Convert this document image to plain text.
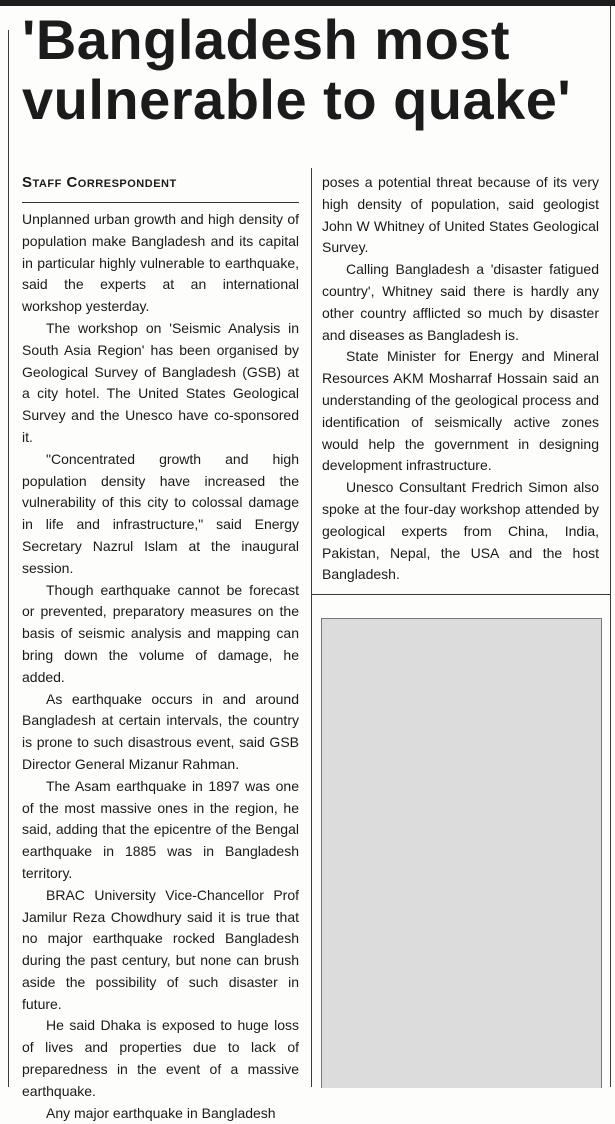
'Bangladesh most
vulnerable to quake'
Staff Correspondent

Unplanned urban growth and high density of population make Bangladesh and its capital in particular highly vulnerable to earthquake, said the experts at an international workshop yesterday.

The workshop on 'Seismic Analysis in South Asia Region' has been organised by Geological Survey of Bangladesh (GSB) at a city hotel. The United States Geological Survey and the Unesco have co-sponsored it.

"Concentrated growth and high population density have increased the vulnerability of this city to colossal damage in life and infrastructure," said Energy Secretary Nazrul Islam at the inaugural session.

Though earthquake cannot be forecast or prevented, preparatory measures on the basis of seismic analysis and mapping can bring down the volume of damage, he added.

As earthquake occurs in and around Bangladesh at certain intervals, the country is prone to such disastrous event, said GSB Director General Mizanur Rahman.

The Asam earthquake in 1897 was one of the most massive ones in the region, he said, adding that the epicentre of the Bengal earthquake in 1885 was in Bangladesh territory.

BRAC University Vice-Chancellor Prof Jamilur Reza Chowdhury said it is true that no major earthquake rocked Bangladesh during the past century, but none can brush aside the possibility of such disaster in future.

He said Dhaka is exposed to huge loss of lives and properties due to lack of preparedness in the event of a massive earthquake.

Any major earthquake in Bangladesh

poses a potential threat because of its very high density of population, said geologist John W Whitney of United States Geological Survey.

Calling Bangladesh a 'disaster fatigued country', Whitney said there is hardly any other country afflicted so much by disaster and diseases as Bangladesh is.

State Minister for Energy and Mineral Resources AKM Mosharraf Hossain said an understanding of the geological process and identification of seismically active zones would help the government in designing development infrastructure.

Unesco Consultant Fredrich Simon also spoke at the four-day workshop attended by geological experts from China, India, Pakistan, Nepal, the USA and the host Bangladesh.
